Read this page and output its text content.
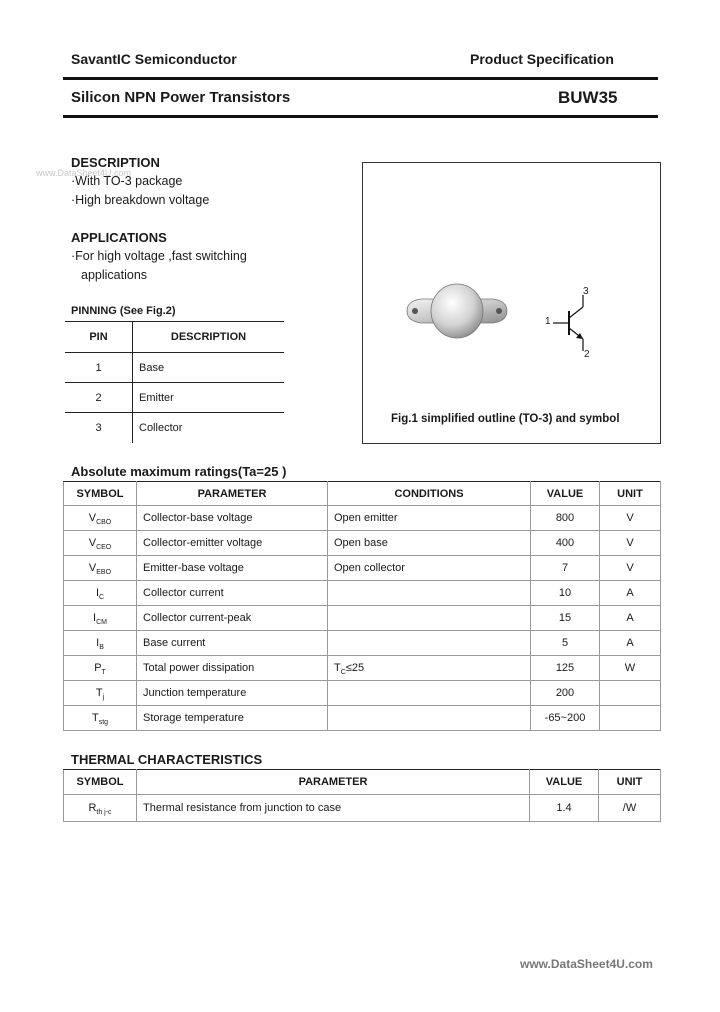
SavantIC Semiconductor	Product Specification
Silicon NPN Power Transistors	BUW35
www.DataSheet4U.com
DESCRIPTION
·With TO-3 package
·High breakdown voltage
APPLICATIONS
·For high voltage ,fast switching
applications
PINNING (See Fig.2)
PIN	DESCRIPTION
1	Base
2	Emitter
3	Collector
1
3
2
Fig.1 simplified outline (TO-3) and symbol
Absolute maximum ratings(Ta=25 )
SYMBOL	PARAMETER	CONDITIONS	VALUE	UNIT
$V_{CBO}$	Collector-base voltage	Open emitter	800	V
$V_{CEO}$	Collector-emitter voltage	Open base	400	V
$V_{EBO}$	Emitter-base voltage	Open collector	7	V
$I_C$	Collector current		10	A
$I_{CM}$	Collector current-peak		15	A
$I_B$	Base current		5	A
$P_T$	Total power dissipation	$T_C\le 25$	125	W
$T_j$	Junction temperature		200	
$T_{stg}$	Storage temperature		-65~200	
THERMAL CHARACTERISTICS
SYMBOL	PARAMETER	VALUE	UNIT
$R_{th j-c}$	Thermal resistance from junction to case	1.4	/W
www.DataSheet4U.com
